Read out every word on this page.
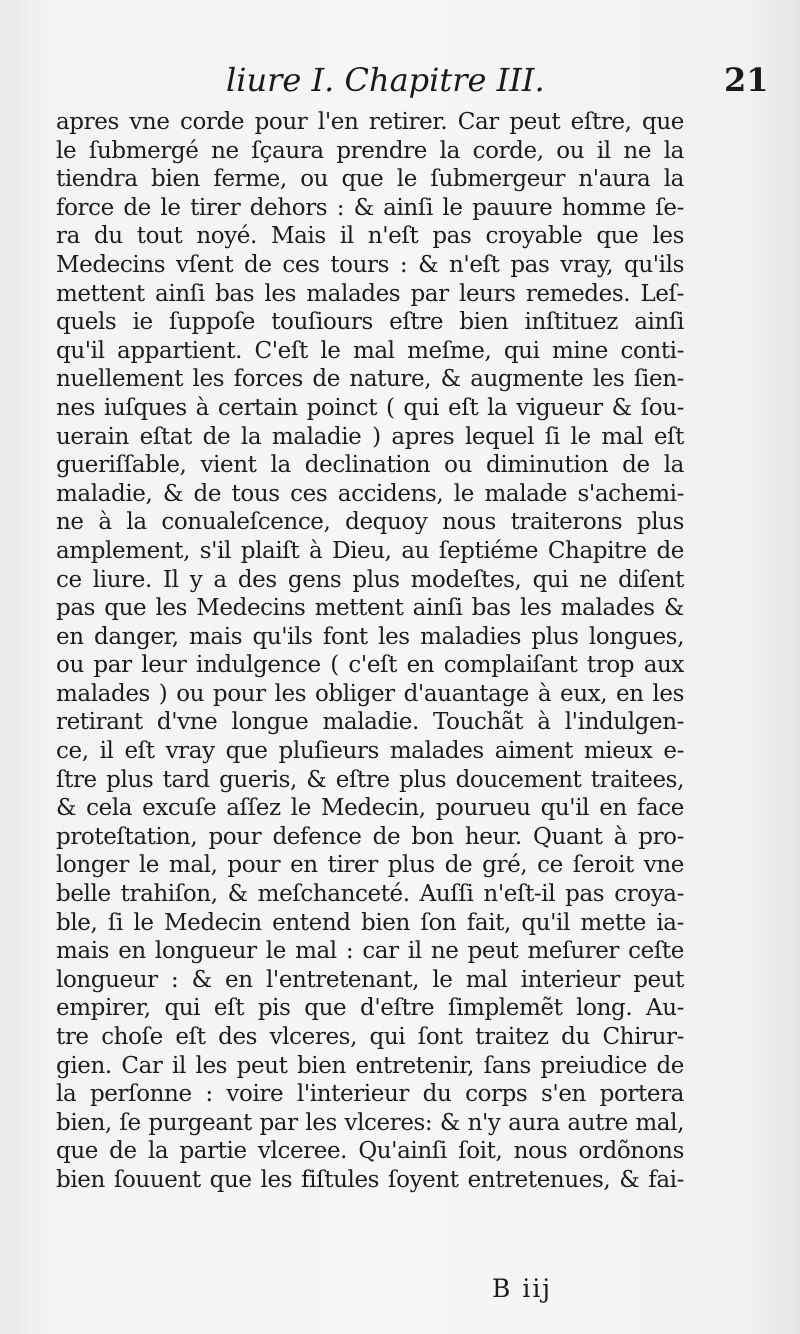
liure I. Chapitre III.	21
apres vne corde pour l'en retirer. Car peut eſtre, que
le ſubmergé ne ſçaura prendre la corde, ou il ne la
tiendra bien ferme, ou que le ſubmergeur n'aura la
force de le tirer dehors : & ainſi le pauure homme ſe-
ra du tout noyé. Mais il n'eſt pas croyable que les
Medecins vſent de ces tours : & n'eſt pas vray, qu'ils
mettent ainſi bas les malades par leurs remedes. Leſ-
quels ie ſuppoſe touſiours eſtre bien inſtituez ainſi
qu'il appartient. C'eſt le mal meſme, qui mine conti-
nuellement les forces de nature, & augmente les ſien-
nes iuſques à certain poinct ( qui eſt la vigueur & ſou-
uerain eſtat de la maladie ) apres lequel ſi le mal eſt
gueriſſable, vient la declination ou diminution de la
maladie, & de tous ces accidens, le malade s'achemi-
ne à la conualeſcence, dequoy nous traiterons plus
amplement, s'il plaiſt à Dieu, au ſeptiéme Chapitre de
ce liure. Il y a des gens plus modeſtes, qui ne diſent
pas que les Medecins mettent ainſi bas les malades &
en danger, mais qu'ils font les maladies plus longues,
ou par leur indulgence ( c'eſt en complaiſant trop aux
malades ) ou pour les obliger d'auantage à eux, en les
retirant d'vne longue maladie. Touchãt à l'indulgen-
ce, il eſt vray que pluſieurs malades aiment mieux e-
ſtre plus tard gueris, & eſtre plus doucement traitees,
& cela excuſe aſſez le Medecin, pourueu qu'il en face
proteſtation, pour defence de bon heur. Quant à pro-
longer le mal, pour en tirer plus de gré, ce ſeroit vne
belle trahiſon, & meſchanceté. Auſſi n'eſt-il pas croya-
ble, ſi le Medecin entend bien ſon fait, qu'il mette ia-
mais en longueur le mal : car il ne peut meſurer ceſte
longueur : & en l'entretenant, le mal interieur peut
empirer, qui eſt pis que d'eſtre ſimplemẽt long. Au-
tre choſe eſt des vlceres, qui ſont traitez du Chirur-
gien. Car il les peut bien entretenir, ſans preiudice de
la perſonne : voire l'interieur du corps s'en portera
bien, ſe purgeant par les vlceres: & n'y aura autre mal,
que de la partie vlceree. Qu'ainſi ſoit, nous ordõnons
bien ſouuent que les fiſtules ſoyent entretenues, & fai-
B iij
